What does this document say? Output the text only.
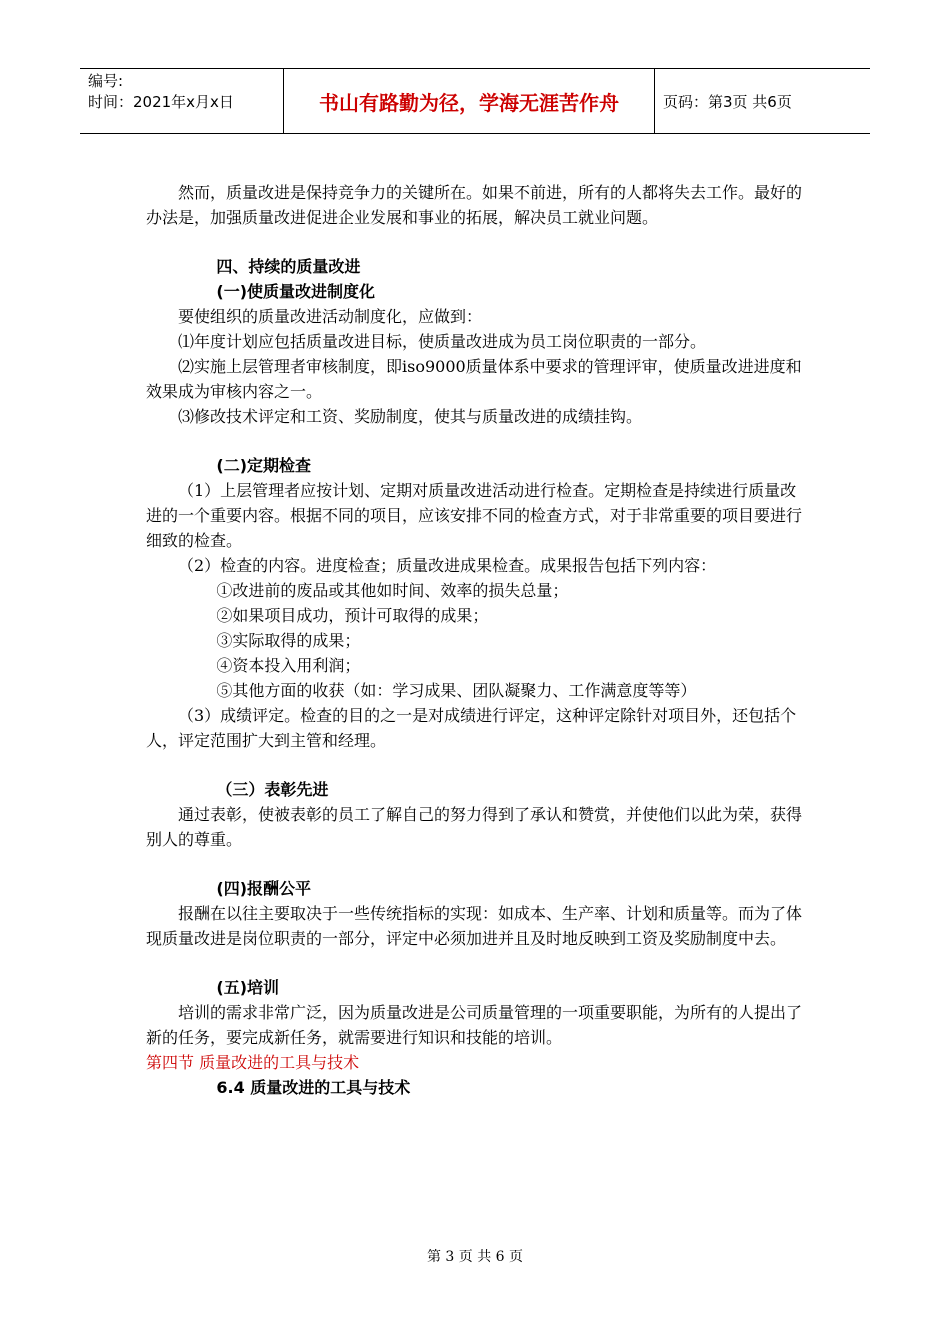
编号:
时间：2021年x月x日	书山有路勤为径，学海无涯苦作舟	页码：第3页 共6页

然而，质量改进是保持竞争力的关键所在。如果不前进，所有的人都将失去工作。最好的办法是，加强质量改进促进企业发展和事业的拓展，解决员工就业问题。

四、持续的质量改进

(一)使质量改进制度化

要使组织的质量改进活动制度化，应做到：

⑴年度计划应包括质量改进目标，使质量改进成为员工岗位职责的一部分。

⑵实施上层管理者审核制度，即iso9000质量体系中要求的管理评审，使质量改进进度和效果成为审核内容之一。

⑶修改技术评定和工资、奖励制度，使其与质量改进的成绩挂钩。

(二)定期检查

（1）上层管理者应按计划、定期对质量改进活动进行检查。定期检查是持续进行质量改进的一个重要内容。根据不同的项目，应该安排不同的检查方式，对于非常重要的项目要进行细致的检查。

（2）检查的内容。进度检查；质量改进成果检查。成果报告包括下列内容：

①改进前的废品或其他如时间、效率的损失总量；

②如果项目成功，预计可取得的成果；

③实际取得的成果；

④资本投入用利润；

⑤其他方面的收获（如：学习成果、团队凝聚力、工作满意度等等）

（3）成绩评定。检查的目的之一是对成绩进行评定，这种评定除针对项目外，还包括个人，评定范围扩大到主管和经理。

（三）表彰先进

通过表彰，使被表彰的员工了解自己的努力得到了承认和赞赏，并使他们以此为荣，获得别人的尊重。

(四)报酬公平

报酬在以往主要取决于一些传统指标的实现：如成本、生产率、计划和质量等。而为了体现质量改进是岗位职责的一部分，评定中必须加进并且及时地反映到工资及奖励制度中去。

(五)培训

培训的需求非常广泛，因为质量改进是公司质量管理的一项重要职能，为所有的人提出了新的任务，要完成新任务，就需要进行知识和技能的培训。

第四节 质量改进的工具与技术

6.4 质量改进的工具与技术

第 3 页 共 6 页
